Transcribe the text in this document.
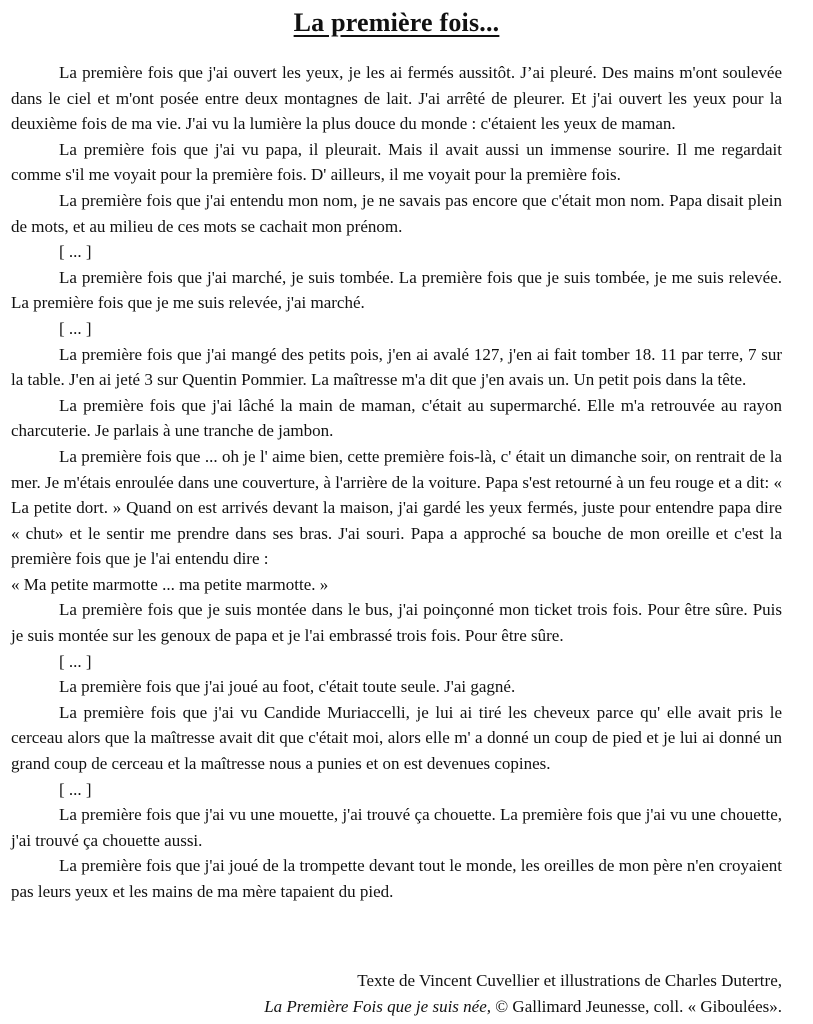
La première fois...

La première fois que j'ai ouvert les yeux, je les ai fermés aussitôt. J’ai pleuré. Des mains m'ont soulevée dans le ciel et m'ont posée entre deux montagnes de lait. J'ai arrêté de pleurer. Et j'ai ouvert les yeux pour la deuxième fois de ma vie. J'ai vu la lumière la plus douce du monde : c'étaient les yeux de maman.

La première fois que j'ai vu papa, il pleurait. Mais il avait aussi un immense sourire. Il me regardait comme s'il me voyait pour la première fois. D' ailleurs, il me voyait pour la première fois.

La première fois que j'ai entendu mon nom, je ne savais pas encore que c'était mon nom. Papa disait plein de mots, et au milieu de ces mots se cachait mon prénom.

[ ... ]

La première fois que j'ai marché, je suis tombée. La première fois que je suis tombée, je me suis relevée. La première fois que je me suis relevée, j'ai marché.

[ ... ]

La première fois que j'ai mangé des petits pois, j'en ai avalé 127, j'en ai fait tomber 18. 11 par terre, 7 sur la table. J'en ai jeté 3 sur Quentin Pommier. La maîtresse m'a dit que j'en avais un. Un petit pois dans la tête.

La première fois que j'ai lâché la main de maman, c'était au supermarché. Elle m'a retrouvée au rayon charcuterie. Je parlais à une tranche de jambon.

La première fois que ... oh je l' aime bien, cette première fois-là, c' était un dimanche soir, on rentrait de la mer. Je m'étais enroulée dans une couverture, à l'arrière de la voiture. Papa s'est retourné à un feu rouge et a dit: « La petite dort. » Quand on est arrivés devant la maison, j'ai gardé les yeux fermés, juste pour entendre papa dire « chut» et le sentir me prendre dans ses bras. J'ai souri. Papa a approché sa bouche de mon oreille et c'est la première fois que je l'ai entendu dire :

« Ma petite marmotte ... ma petite marmotte. »

La première fois que je suis montée dans le bus, j'ai poinçonné mon ticket trois fois. Pour être sûre. Puis je suis montée sur les genoux de papa et je l'ai embrassé trois fois. Pour être sûre.

[ ... ]

La première fois que j'ai joué au foot, c'était toute seule. J'ai gagné.

La première fois que j'ai vu Candide Muriaccelli, je lui ai tiré les cheveux parce qu' elle avait pris le cerceau alors que la maîtresse avait dit que c'était moi, alors elle m' a donné un coup de pied et je lui ai donné un grand coup de cerceau et la maîtresse nous a punies et on est devenues copines.

[ ... ]

La première fois que j'ai vu une mouette, j'ai trouvé ça chouette. La première fois que j'ai vu une chouette, j'ai trouvé ça chouette aussi.

La première fois que j'ai joué de la trompette devant tout le monde, les oreilles de mon père n'en croyaient pas leurs yeux et les mains de ma mère tapaient du pied.

Texte de Vincent Cuvellier et illustrations de Charles Dutertre,
La Première Fois que je suis née, © Gallimard Jeunesse, coll. « Giboulées».
